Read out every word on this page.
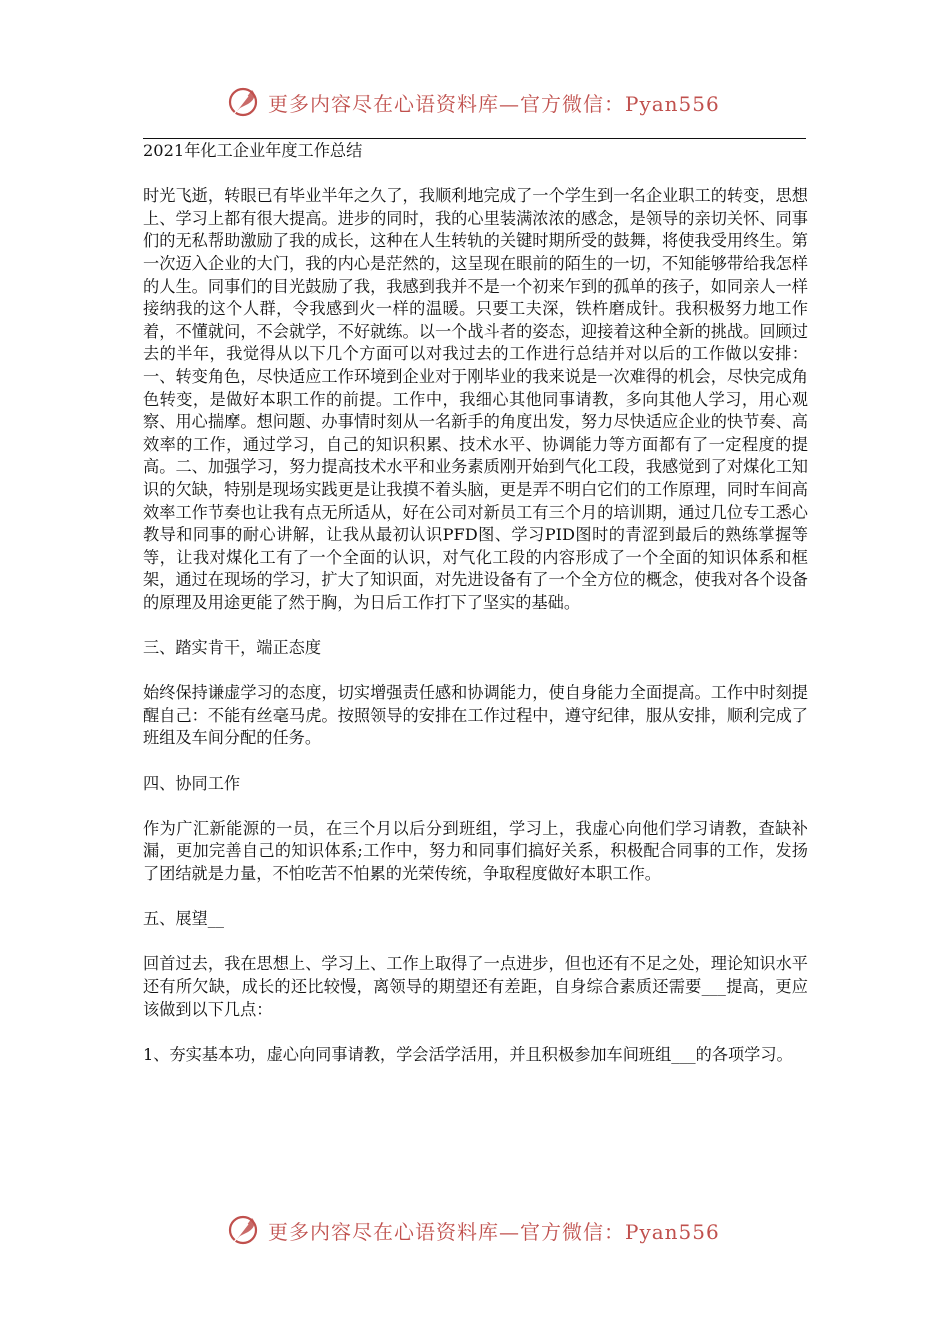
更多内容尽在心语资料库—官方微信：Pyan556

2021年化工企业年度工作总结

时光飞逝，转眼已有毕业半年之久了，我顺利地完成了一个学生到一名企业职工的转变，思想上、学习上都有很大提高。进步的同时，我的心里装满浓浓的感念，是领导的亲切关怀、同事们的无私帮助激励了我的成长，这种在人生转轨的关键时期所受的鼓舞，将使我受用终生。第一次迈入企业的大门，我的内心是茫然的，这呈现在眼前的陌生的一切，不知能够带给我怎样的人生。同事们的目光鼓励了我，我感到我并不是一个初来乍到的孤单的孩子，如同亲人一样接纳我的这个人群，令我感到火一样的温暖。只要工夫深，铁杵磨成针。我积极努力地工作着，不懂就问，不会就学，不好就练。以一个战斗者的姿态，迎接着这种全新的挑战。回顾过去的半年，我觉得从以下几个方面可以对我过去的工作进行总结并对以后的工作做以安排：一、转变角色，尽快适应工作环境到企业对于刚毕业的我来说是一次难得的机会，尽快完成角色转变，是做好本职工作的前提。工作中，我细心其他同事请教，多向其他人学习，用心观察、用心揣摩。想问题、办事情时刻从一名新手的角度出发，努力尽快适应企业的快节奏、高效率的工作，通过学习，自己的知识积累、技术水平、协调能力等方面都有了一定程度的提高。二、加强学习，努力提高技术水平和业务素质刚开始到气化工段，我感觉到了对煤化工知识的欠缺，特别是现场实践更是让我摸不着头脑，更是弄不明白它们的工作原理，同时车间高效率工作节奏也让我有点无所适从，好在公司对新员工有三个月的培训期，通过几位专工悉心教导和同事的耐心讲解，让我从最初认识PFD图、学习PID图时的青涩到最后的熟练掌握等等，让我对煤化工有了一个全面的认识，对气化工段的内容形成了一个全面的知识体系和框架，通过在现场的学习，扩大了知识面，对先进设备有了一个全方位的概念，使我对各个设备的原理及用途更能了然于胸，为日后工作打下了坚实的基础。

三、踏实肯干，端正态度

始终保持谦虚学习的态度，切实增强责任感和协调能力，使自身能力全面提高。工作中时刻提醒自己：不能有丝毫马虎。按照领导的安排在工作过程中，遵守纪律，服从安排，顺利完成了班组及车间分配的任务。

四、协同工作

作为广汇新能源的一员，在三个月以后分到班组，学习上，我虚心向他们学习请教，查缺补漏，更加完善自己的知识体系;工作中，努力和同事们搞好关系，积极配合同事的工作，发扬了团结就是力量，不怕吃苦不怕累的光荣传统，争取程度做好本职工作。

五、展望__

回首过去，我在思想上、学习上、工作上取得了一点进步，但也还有不足之处，理论知识水平还有所欠缺，成长的还比较慢，离领导的期望还有差距，自身综合素质还需要___提高，更应该做到以下几点：

1、夯实基本功，虚心向同事请教，学会活学活用，并且积极参加车间班组___的各项学习。

更多内容尽在心语资料库—官方微信：Pyan556
